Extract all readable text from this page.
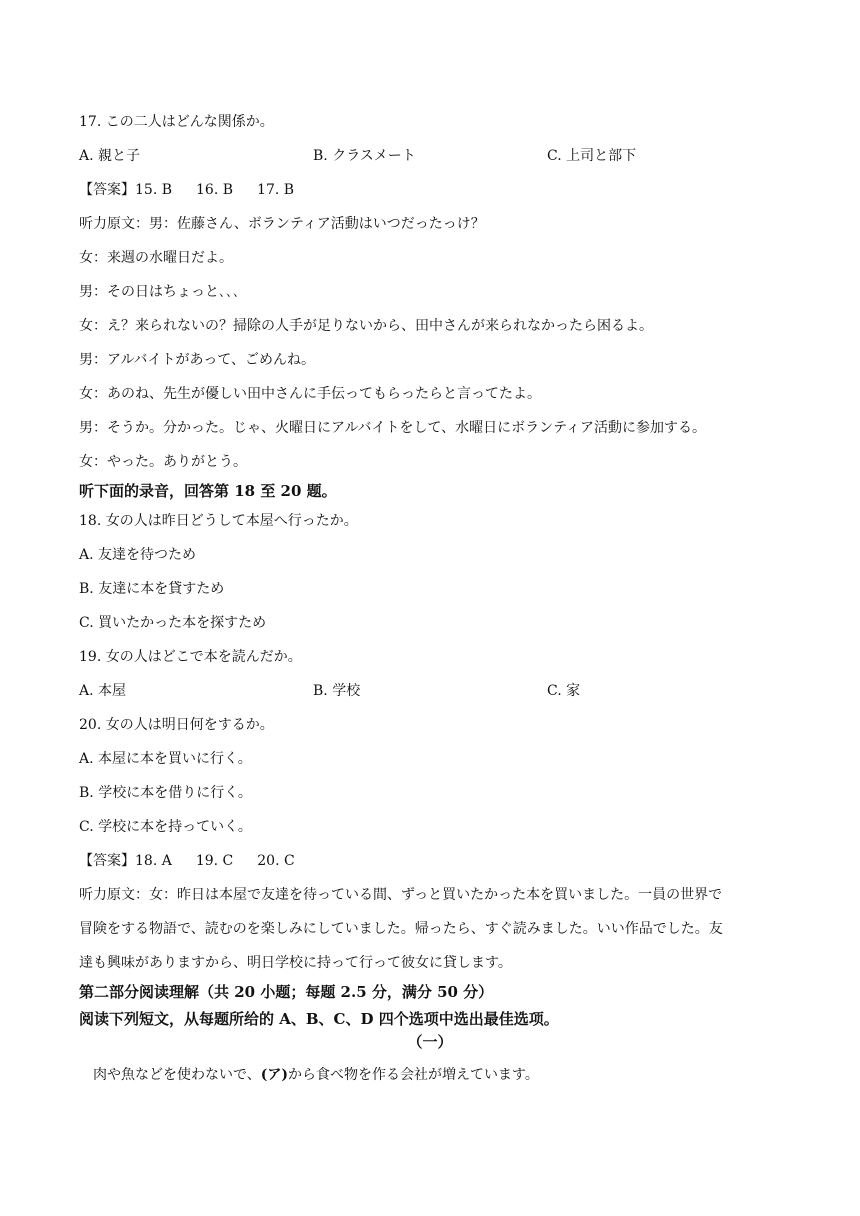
17. この二人はどんな関係か。
A. 親と子	B. クラスメート	C. 上司と部下
【答案】15. B 16. B 17. B
听力原文：男：佐藤さん、ボランティア活動はいつだったっけ？
女：来週の水曜日だよ。
男：その日はちょっと､､､
女：え？来られないの？掃除の人手が足りないから、田中さんが来られなかったら困るよ。
男：アルバイトがあって、ごめんね。
女：あのね、先生が優しい田中さんに手伝ってもらったらと言ってたよ。
男：そうか。分かった。じゃ、火曜日にアルバイトをして、水曜日にボランティア活動に参加する。
女：やった。ありがとう。
听下面的录音，回答第 18 至 20 题。
18. 女の人は昨日どうして本屋へ行ったか。
A. 友達を待つため
B. 友達に本を貸すため
C. 買いたかった本を探すため
19. 女の人はどこで本を読んだか。
A. 本屋	B. 学校	C. 家
20. 女の人は明日何をするか。
A. 本屋に本を買いに行く。
B. 学校に本を借りに行く。
C. 学校に本を持っていく。
【答案】18. A 19. C 20. C
听力原文：女：昨日は本屋で友達を待っている間、ずっと買いたかった本を買いました。一員の世界で
冒険をする物語で、読むのを楽しみにしていました。帰ったら、すぐ読みました。いい作品でした。友
達も興味がありますから、明日学校に持って行って彼女に貸します。
第二部分阅读理解（共 20 小题；每题 2.5 分，满分 50 分）
阅读下列短文，从每题所给的 A、B、C、D 四个选项中选出最佳选项。
（一）
肉や魚などを使わないで、(ア)から食べ物を作る会社が増えています。
